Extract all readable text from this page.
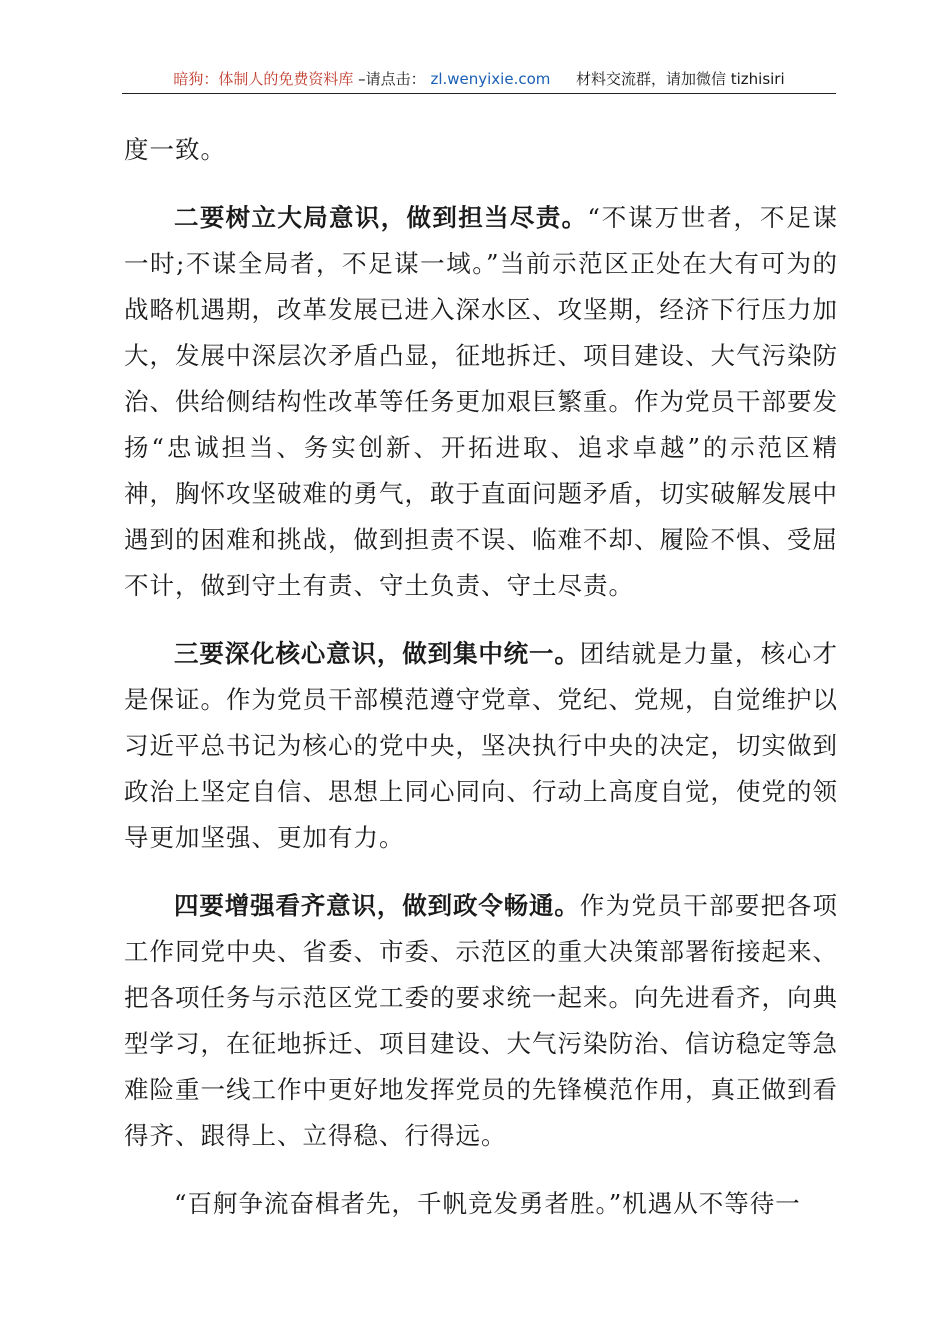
暗狗：体制人的免费资料库 –请点击： zl.wenyixie.com 材料交流群，请加微信 tizhisiri

度一致。

二要树立大局意识，做到担当尽责。“不谋万世者，不足谋一时;不谋全局者，不足谋一域。”当前示范区正处在大有可为的战略机遇期，改革发展已进入深水区、攻坚期，经济下行压力加大，发展中深层次矛盾凸显，征地拆迁、项目建设、大气污染防治、供给侧结构性改革等任务更加艰巨繁重。作为党员干部要发扬“忠诚担当、务实创新、开拓进取、追求卓越”的示范区精神，胸怀攻坚破难的勇气，敢于直面问题矛盾，切实破解发展中遇到的困难和挑战，做到担责不误、临难不却、履险不惧、受屈不计，做到守土有责、守土负责、守土尽责。

三要深化核心意识，做到集中统一。团结就是力量，核心才是保证。作为党员干部模范遵守党章、党纪、党规，自觉维护以习近平总书记为核心的党中央，坚决执行中央的决定，切实做到政治上坚定自信、思想上同心同向、行动上高度自觉，使党的领导更加坚强、更加有力。

四要增强看齐意识，做到政令畅通。作为党员干部要把各项工作同党中央、省委、市委、示范区的重大决策部署衔接起来、把各项任务与示范区党工委的要求统一起来。向先进看齐，向典型学习，在征地拆迁、项目建设、大气污染防治、信访稳定等急难险重一线工作中更好地发挥党员的先锋模范作用，真正做到看得齐、跟得上、立得稳、行得远。

“百舸争流奋楫者先，千帆竞发勇者胜。”机遇从不等待一
